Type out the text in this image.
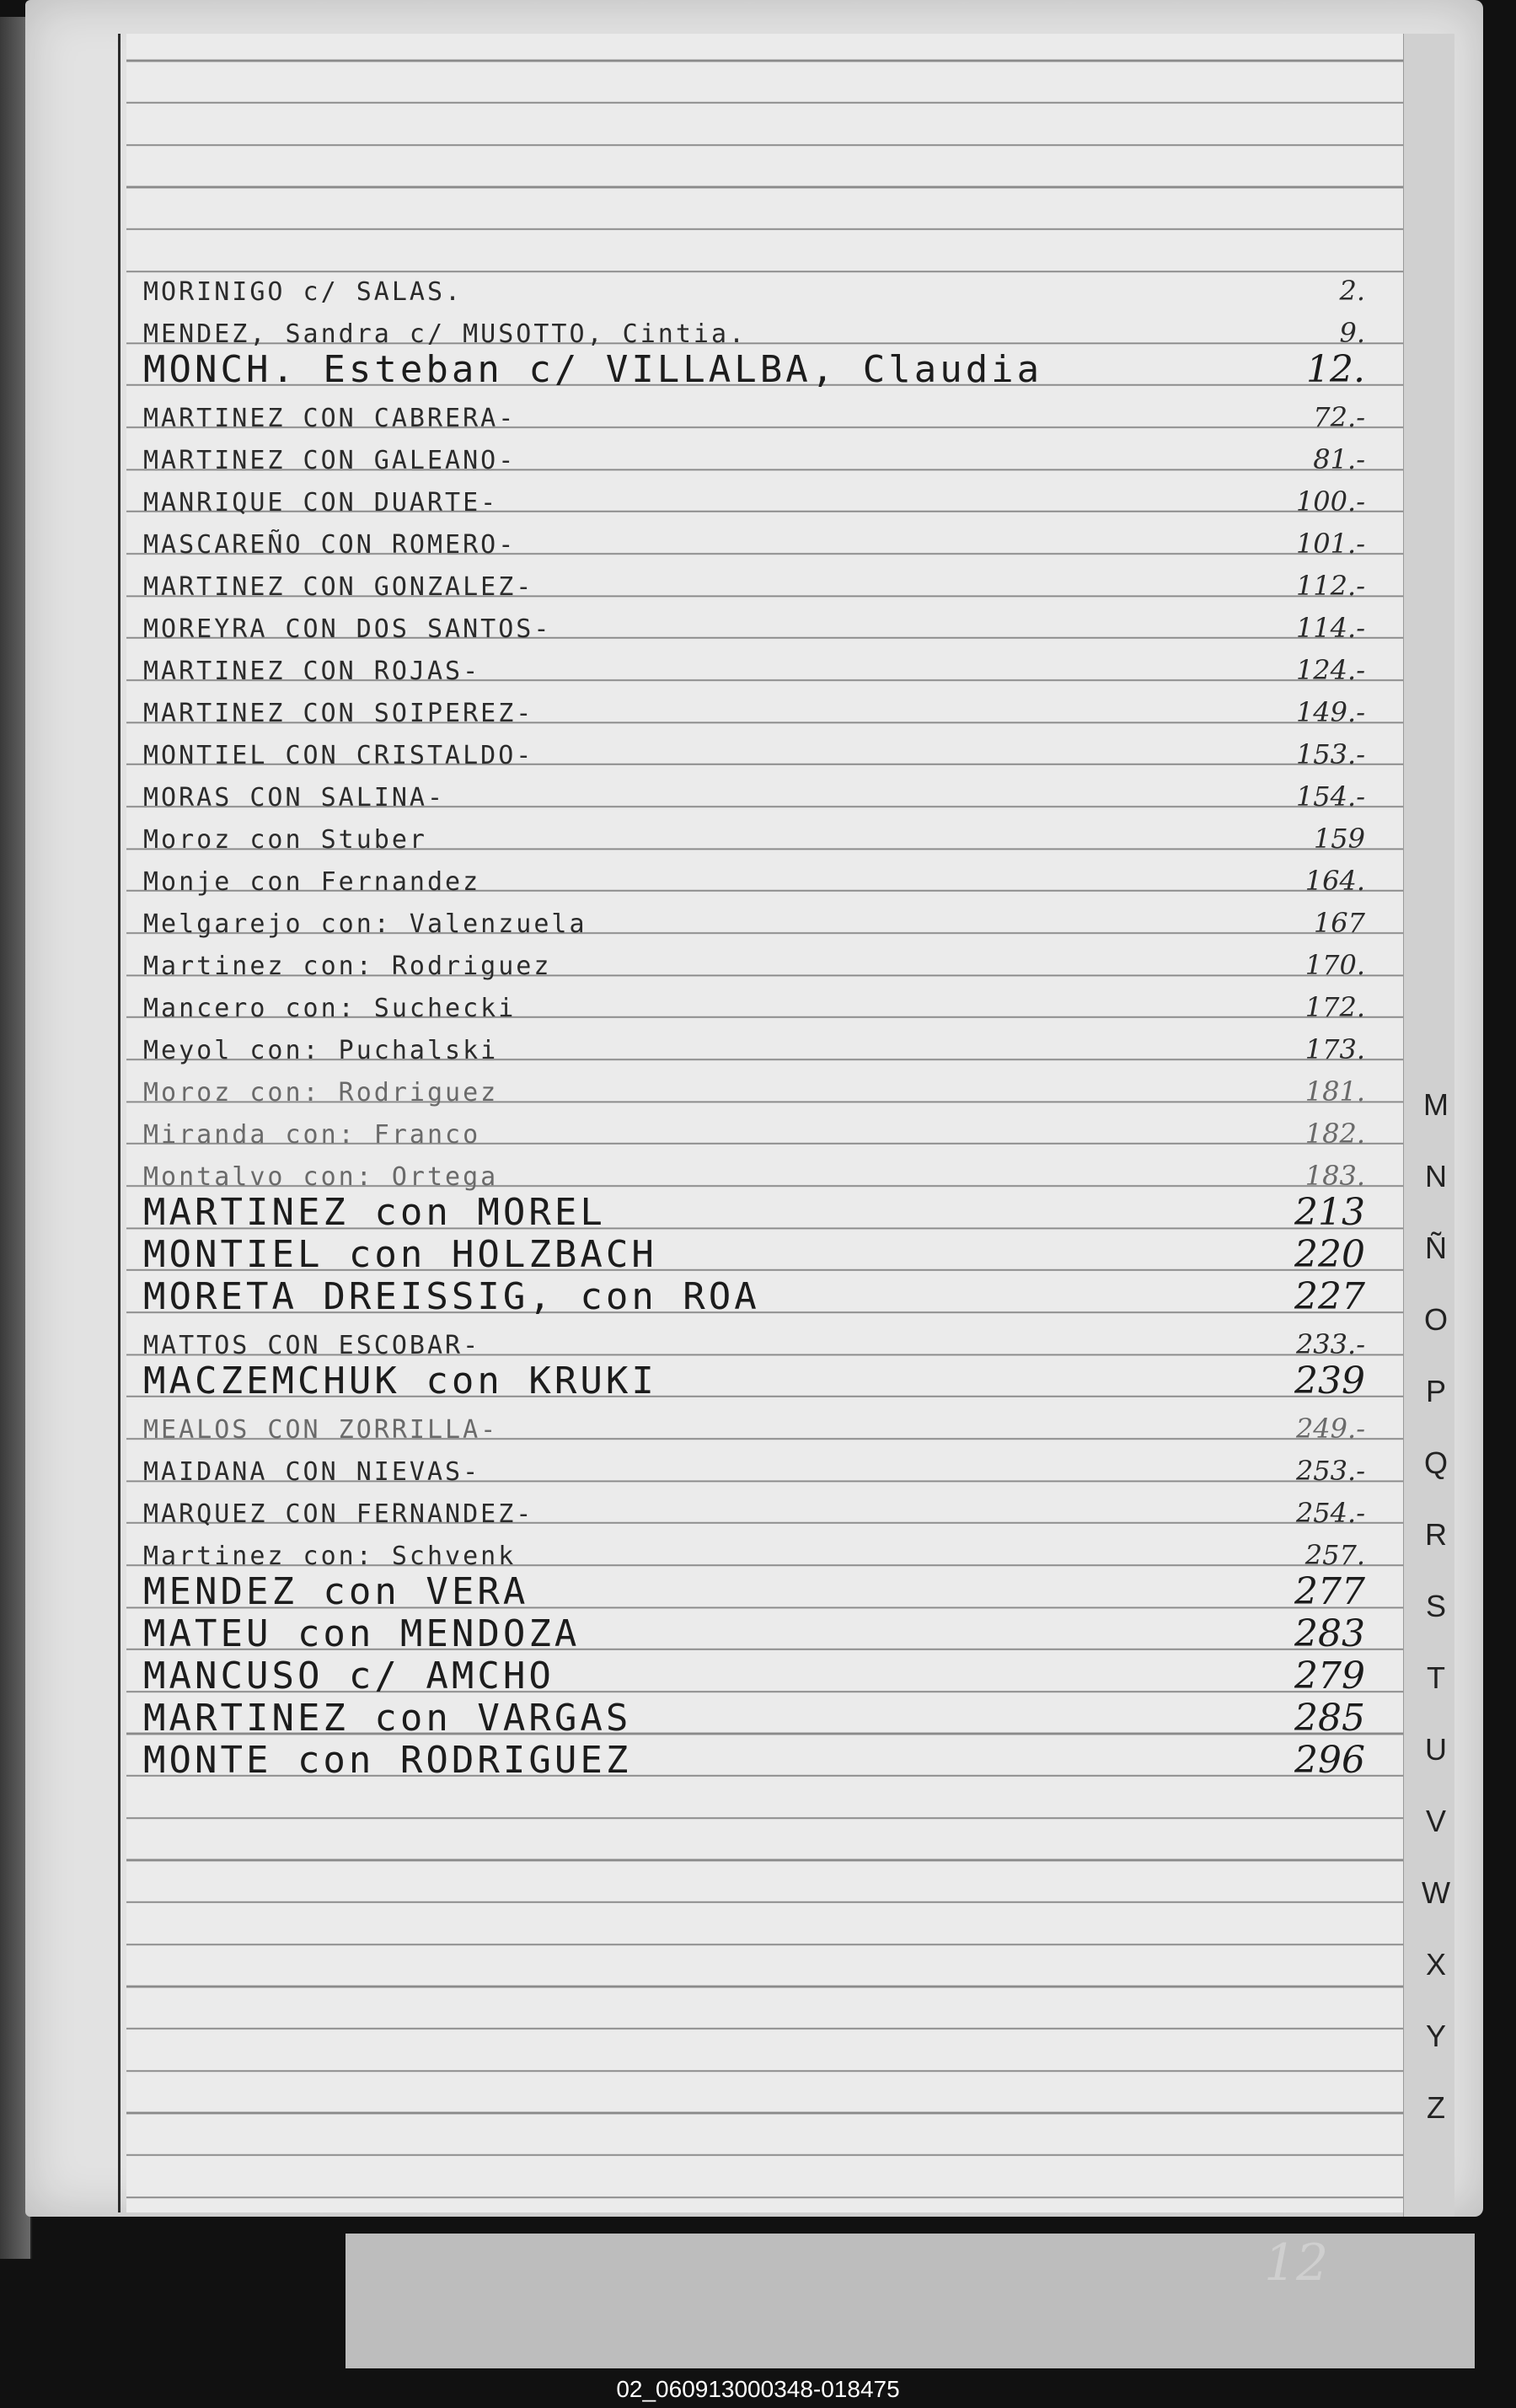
MORINIGO c/ SALAS.	2.
MENDEZ, Sandra c/ MUSOTTO, Cintia.	9.
MONCH. Esteban c/ VILLALBA, Claudia	12.
MARTINEZ CON CABRERA-	72.-
MARTINEZ CON GALEANO-	81.-
MANRIQUE CON DUARTE-	100.-
MASCAREÑO CON ROMERO-	101.-
MARTINEZ CON GONZALEZ-	112.-
MOREYRA CON DOS SANTOS-	114.-
MARTINEZ CON ROJAS-	124.-
MARTINEZ CON SOIPEREZ-	149.-
MONTIEL CON CRISTALDO-	153.-
MORAS CON SALINA-	154.-
Moroz con Stuber	159
Monje con Fernandez	164.
Melgarejo con: Valenzuela	167
Martinez con: Rodriguez	170.
Mancero con: Suchecki	172.
Meyol con: Puchalski	173.
Moroz con: Rodriguez	181.
Miranda con: Franco	182.
Montalvo con: Ortega	183.
MARTINEZ con MOREL	213
MONTIEL con HOLZBACH	220
MORETA DREISSIG, con ROA	227
MATTOS CON ESCOBAR-	233.-
MACZEMCHUK con KRUKI	239
MEALOS CON ZORRILLA-	249.-
MAIDANA CON NIEVAS-	253.-
MARQUEZ CON FERNANDEZ-	254.-
Martinez con: Schvenk	257.
MENDEZ con VERA	277
MATEU con MENDOZA	283
MANCUSO c/ AMCHO	279
MARTINEZ con VARGAS	285
MONTE con RODRIGUEZ	296
M
N
Ñ
O
P
Q
R
S
T
U
V
W
X
Y
Z
12
02_060913000348-018475
